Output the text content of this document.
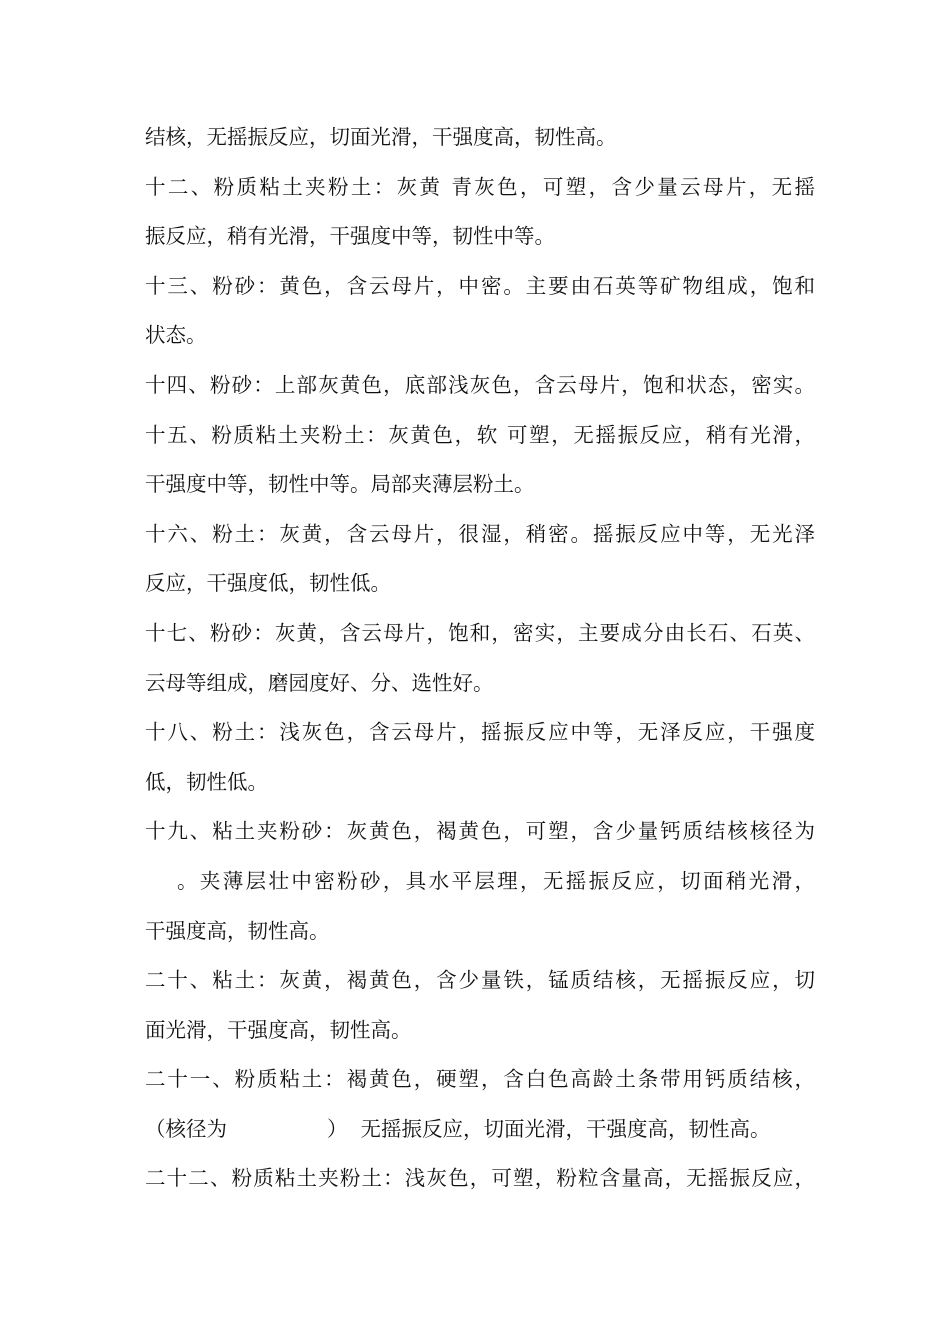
结核，无摇振反应，切面光滑，干强度高，韧性高。
十二、粉质粘土夹粉土：灰黄 青灰色，可塑，含少量云母片，无摇
振反应，稍有光滑，干强度中等，韧性中等。
十三、粉砂：黄色，含云母片，中密。主要由石英等矿物组成，饱和
状态。
十四、粉砂：上部灰黄色，底部浅灰色，含云母片，饱和状态，密实。
十五、粉质粘土夹粉土：灰黄色，软 可塑，无摇振反应，稍有光滑，
干强度中等，韧性中等。局部夹薄层粉土。
十六、粉土：灰黄，含云母片，很湿，稍密。摇振反应中等，无光泽
反应，干强度低，韧性低。
十七、粉砂：灰黄，含云母片，饱和，密实，主要成分由长石、石英、
云母等组成，磨园度好、分、选性好。
十八、粉土：浅灰色，含云母片，摇振反应中等，无泽反应，干强度
低，韧性低。
十九、粘土夹粉砂：灰黄色，褐黄色，可塑，含少量钙质结核核径为
。夹薄层壮中密粉砂，具水平层理，无摇振反应，切面稍光滑，
干强度高，韧性高。
二十、粘土：灰黄，褐黄色，含少量铁，锰质结核，无摇振反应，切
面光滑，干强度高，韧性高。
二十一、粉质粘土：褐黄色，硬塑，含白色高龄土条带用钙质结核，
（核径为	）  无摇振反应，切面光滑，干强度高，韧性高。
二十二、粉质粘土夹粉土：浅灰色，可塑，粉粒含量高，无摇振反应，
